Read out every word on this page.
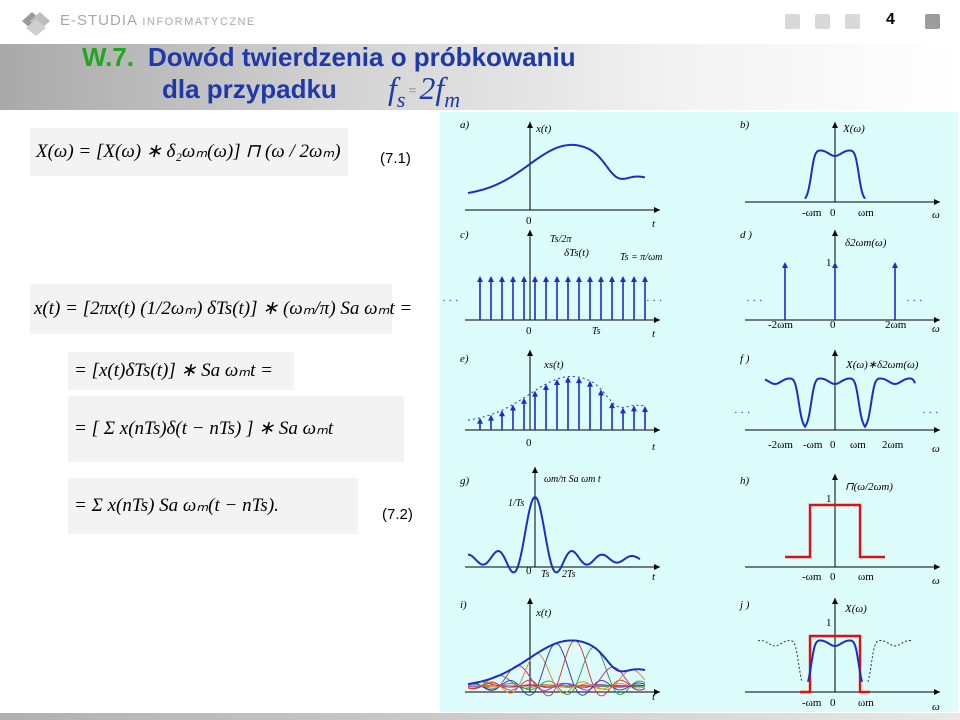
E-STUDIA INFORMATYCZNE	4
W.7. Dowód twierdzenia o próbkowaniu
dla przypadku $f_s =2f_m$
X(ω) = [X(ω) ∗ δ₂ωₘ(ω)] ⊓ (ω / 2ωₘ)	(7.1)
x(t) = [2πx(t) (1/2ωₘ) δTs(t)] ∗ (ωₘ/π) Sa ωₘt =
= [x(t)δTs(t)] ∗ Sa ωₘt =
= [ Σ x(nTs)δ(t − nTs) ] ∗ Sa ωₘt
= Σ x(nTs) Sa ωₘ(t − nTs).	(7.2)
a)	x(t)
0	t
b)	X(ω)
0
-ωm	ωm	ω
c)	Ts/2π
δTs(t)	Ts = π/ωm
0	t
· · ·	· · ·
Ts
d )
δ2ωm(ω)
1
-2ωm	0	2ωm ω
· · ·	· · ·
e)	xs(t)
0	t
f )	X(ω)∗δ2ωm(ω)
-2ωm -ωm 0 ωm 2ωm	ω
· · ·	· · ·
g)	ωm/π Sa ωm t
1/Ts
0 Ts 2Ts	t
h)	⊓(ω/2ωm)
1
-ωm 0 ωm	ω
i)
x(t)
t
j )	X(ω)
1
-ωm 0 ωm	ω
